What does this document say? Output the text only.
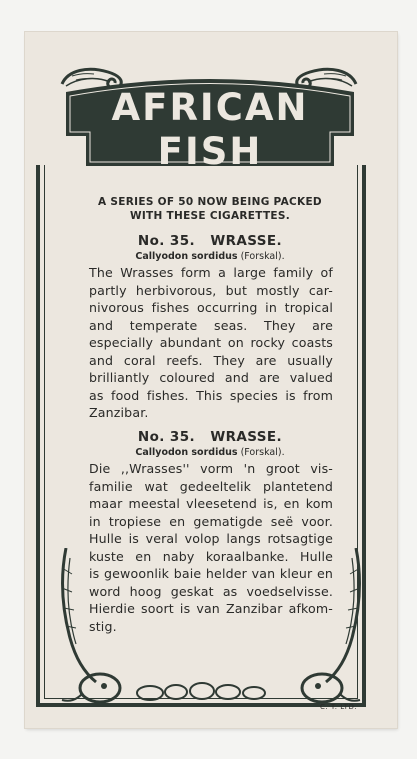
AFRICAN
FISH
A SERIES OF 50 NOW BEING PACKED
WITH THESE CIGARETTES.
No. 35.   WRASSE.
Callyodon sordidus (Forskal).
The Wrasses form a large family of
partly herbivorous, but mostly car-
nivorous fishes occurring in tropical
and temperate seas. They are
especially abundant on rocky coasts
and coral reefs. They are usually
brilliantly coloured and are valued
as food fishes. This species is from
Zanzibar.
No. 35.   WRASSE.
Callyodon sordidus (Forskal).
Die ,,Wrasses'' vorm 'n groot vis-
familie wat gedeeltelik plantetend
maar meestal vleesetend is, en kom
in tropiese en gematigde seë voor.
Hulle is veral volop langs rotsagtige
kuste en naby koraalbanke. Hulle
is gewoonlik baie helder van kleur en
word hoog geskat as voedselvisse.
Hierdie soort is van Zanzibar afkom-
stig.
C. T. LTD.
